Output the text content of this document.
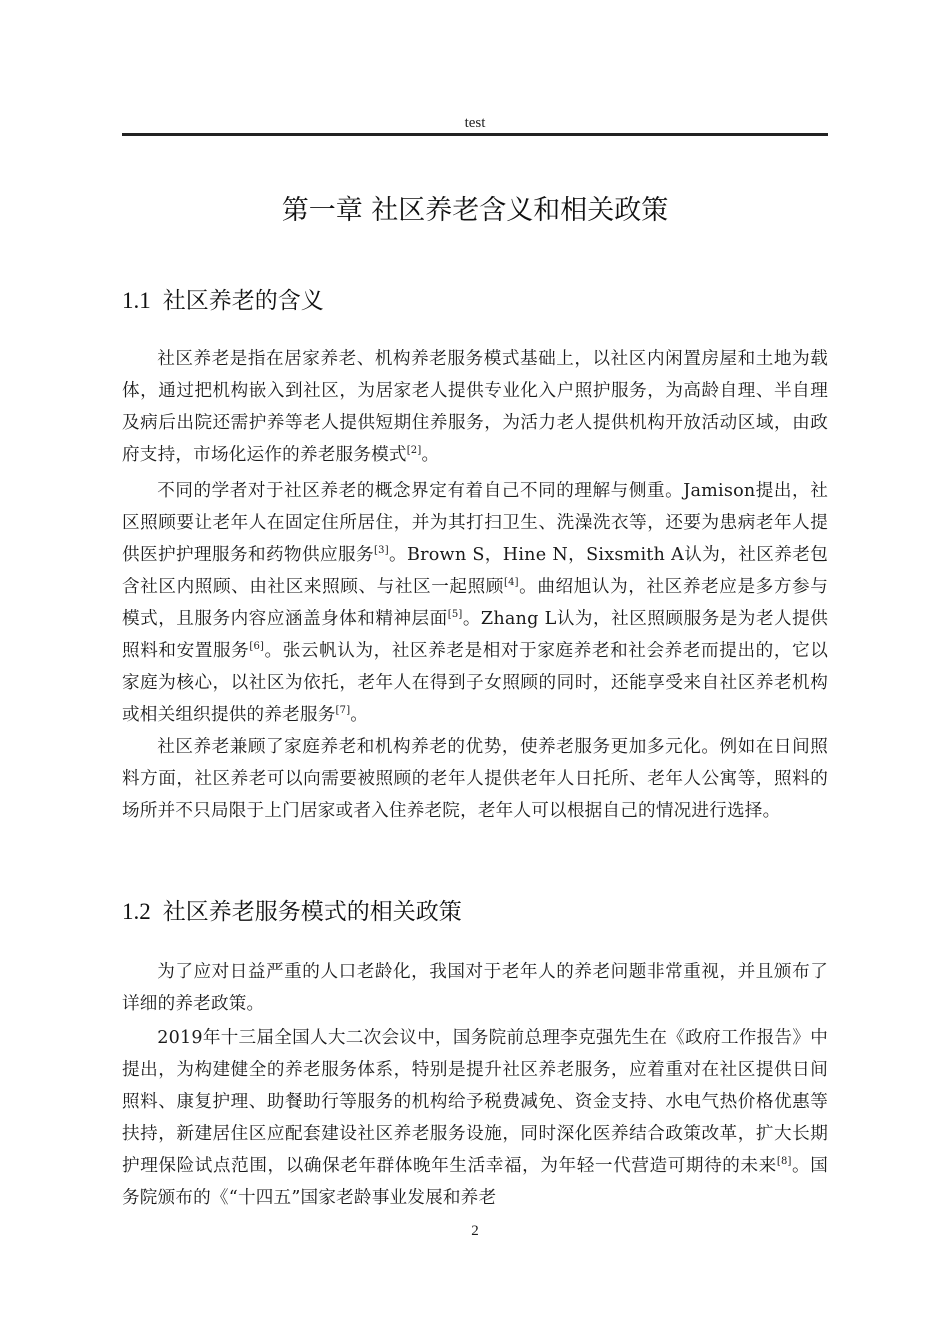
test
第一章 社区养老含义和相关政策
1.1 社区养老的含义

社区养老是指在居家养老、机构养老服务模式基础上，以社区内闲置房屋和土地为载体，通过把机构嵌入到社区，为居家老人提供专业化入户照护服务，为高龄自理、半自理及病后出院还需护养等老人提供短期住养服务，为活力老人提供机构开放活动区域，由政府支持，市场化运作的养老服务模式[2]。

不同的学者对于社区养老的概念界定有着自己不同的理解与侧重。Jamison提出，社区照顾要让老年人在固定住所居住，并为其打扫卫生、洗澡洗衣等，还要为患病老年人提供医护护理服务和药物供应服务[3]。Brown S，Hine N，Sixsmith A认为，社区养老包含社区内照顾、由社区来照顾、与社区一起照顾[4]。曲绍旭认为，社区养老应是多方参与模式，且服务内容应涵盖身体和精神层面[5]。Zhang L认为，社区照顾服务是为老人提供照料和安置服务[6]。张云帆认为，社区养老是相对于家庭养老和社会养老而提出的，它以家庭为核心，以社区为依托，老年人在得到子女照顾的同时，还能享受来自社区养老机构或相关组织提供的养老服务[7]。

社区养老兼顾了家庭养老和机构养老的优势，使养老服务更加多元化。例如在日间照料方面，社区养老可以向需要被照顾的老年人提供老年人日托所、老年人公寓等，照料的场所并不只局限于上门居家或者入住养老院，老年人可以根据自己的情况进行选择。

1.2 社区养老服务模式的相关政策

为了应对日益严重的人口老龄化，我国对于老年人的养老问题非常重视，并且颁布了详细的养老政策。

2019年十三届全国人大二次会议中，国务院前总理李克强先生在《政府工作报告》中提出，为构建健全的养老服务体系，特别是提升社区养老服务，应着重对在社区提供日间照料、康复护理、助餐助行等服务的机构给予税费减免、资金支持、水电气热价格优惠等扶持，新建居住区应配套建设社区养老服务设施，同时深化医养结合政策改革，扩大长期护理保险试点范围，以确保老年群体晚年生活幸福，为年轻一代营造可期待的未来[8]。国务院颁布的《“十四五”国家老龄事业发展和养老

2
